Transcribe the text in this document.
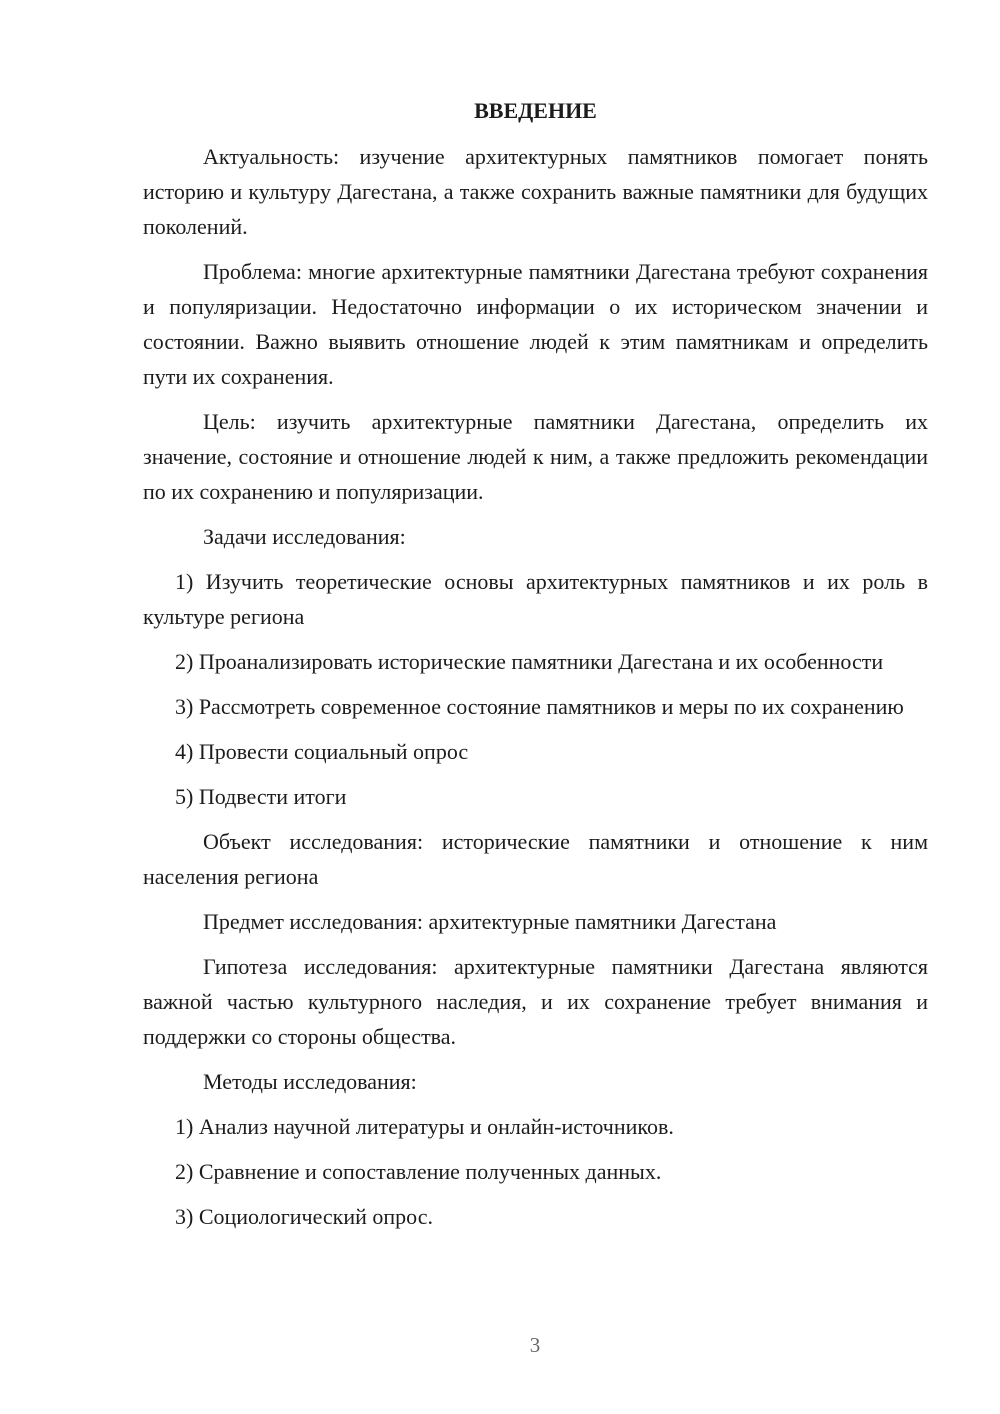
ВВЕДЕНИЕ

Актуальность: изучение архитектурных памятников помогает понять историю и культуру Дагестана, а также сохранить важные памятники для будущих поколений.

Проблема: многие архитектурные памятники Дагестана требуют сохранения и популяризации. Недостаточно информации о их историческом значении и состоянии. Важно выявить отношение людей к этим памятникам и определить пути их сохранения.

Цель: изучить архитектурные памятники Дагестана, определить их значение, состояние и отношение людей к ним, а также предложить рекомендации по их сохранению и популяризации.

Задачи исследования:

1) Изучить теоретические основы архитектурных памятников и их роль в культуре региона

2) Проанализировать исторические памятники Дагестана и их особенности

3) Рассмотреть современное состояние памятников и меры по их сохранению

4) Провести социальный опрос

5) Подвести итоги

Объект исследования: исторические памятники и отношение к ним населения региона

Предмет исследования: архитектурные памятники Дагестана

Гипотеза исследования: архитектурные памятники Дагестана являются важной частью культурного наследия, и их сохранение требует внимания и поддержки со стороны общества.

Методы исследования:

1) Анализ научной литературы и онлайн-источников.

2) Сравнение и сопоставление полученных данных.

3) Социологический опрос.

3
